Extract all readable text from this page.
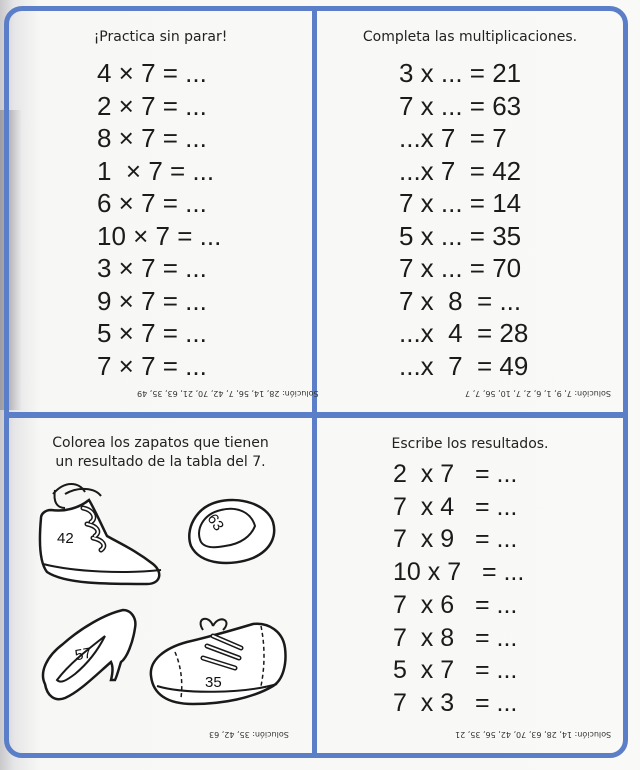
¡Practica sin parar!
4 × 7 = ...
2 × 7 = ...
8 × 7 = ...
1  × 7 = ...
6 × 7 = ...
10 × 7 = ...
3 × 7 = ...
9 × 7 = ...
5 × 7 = ...
7 × 7 = ...
Solución: 28, 14, 56, 7, 42, 70, 21, 63, 35, 49
Completa las multiplicaciones.
3 x ... = 21
7 x ... = 63
...x 7  = 7
...x 7  = 42
7 x ... = 14
5 x ... = 35
7 x ... = 70
7 x  8  = ...
...x  4  = 28
...x  7  = 49
Solución: 7, 9, 1, 6, 2, 7, 10, 56, 7, 7
Colorea los zapatos que tienen
un resultado de la tabla del 7.
42
63
57
35
Solución: 35, 42, 63
Escribe los resultados.
2  x 7   = ...
7  x 4   = ...
7  x 9   = ...
10 x 7   = ...
7  x 6   = ...
7  x 8   = ...
5  x 7   = ...
7  x 3   = ...
Solución: 14, 28, 63, 70, 42, 56, 35, 21
